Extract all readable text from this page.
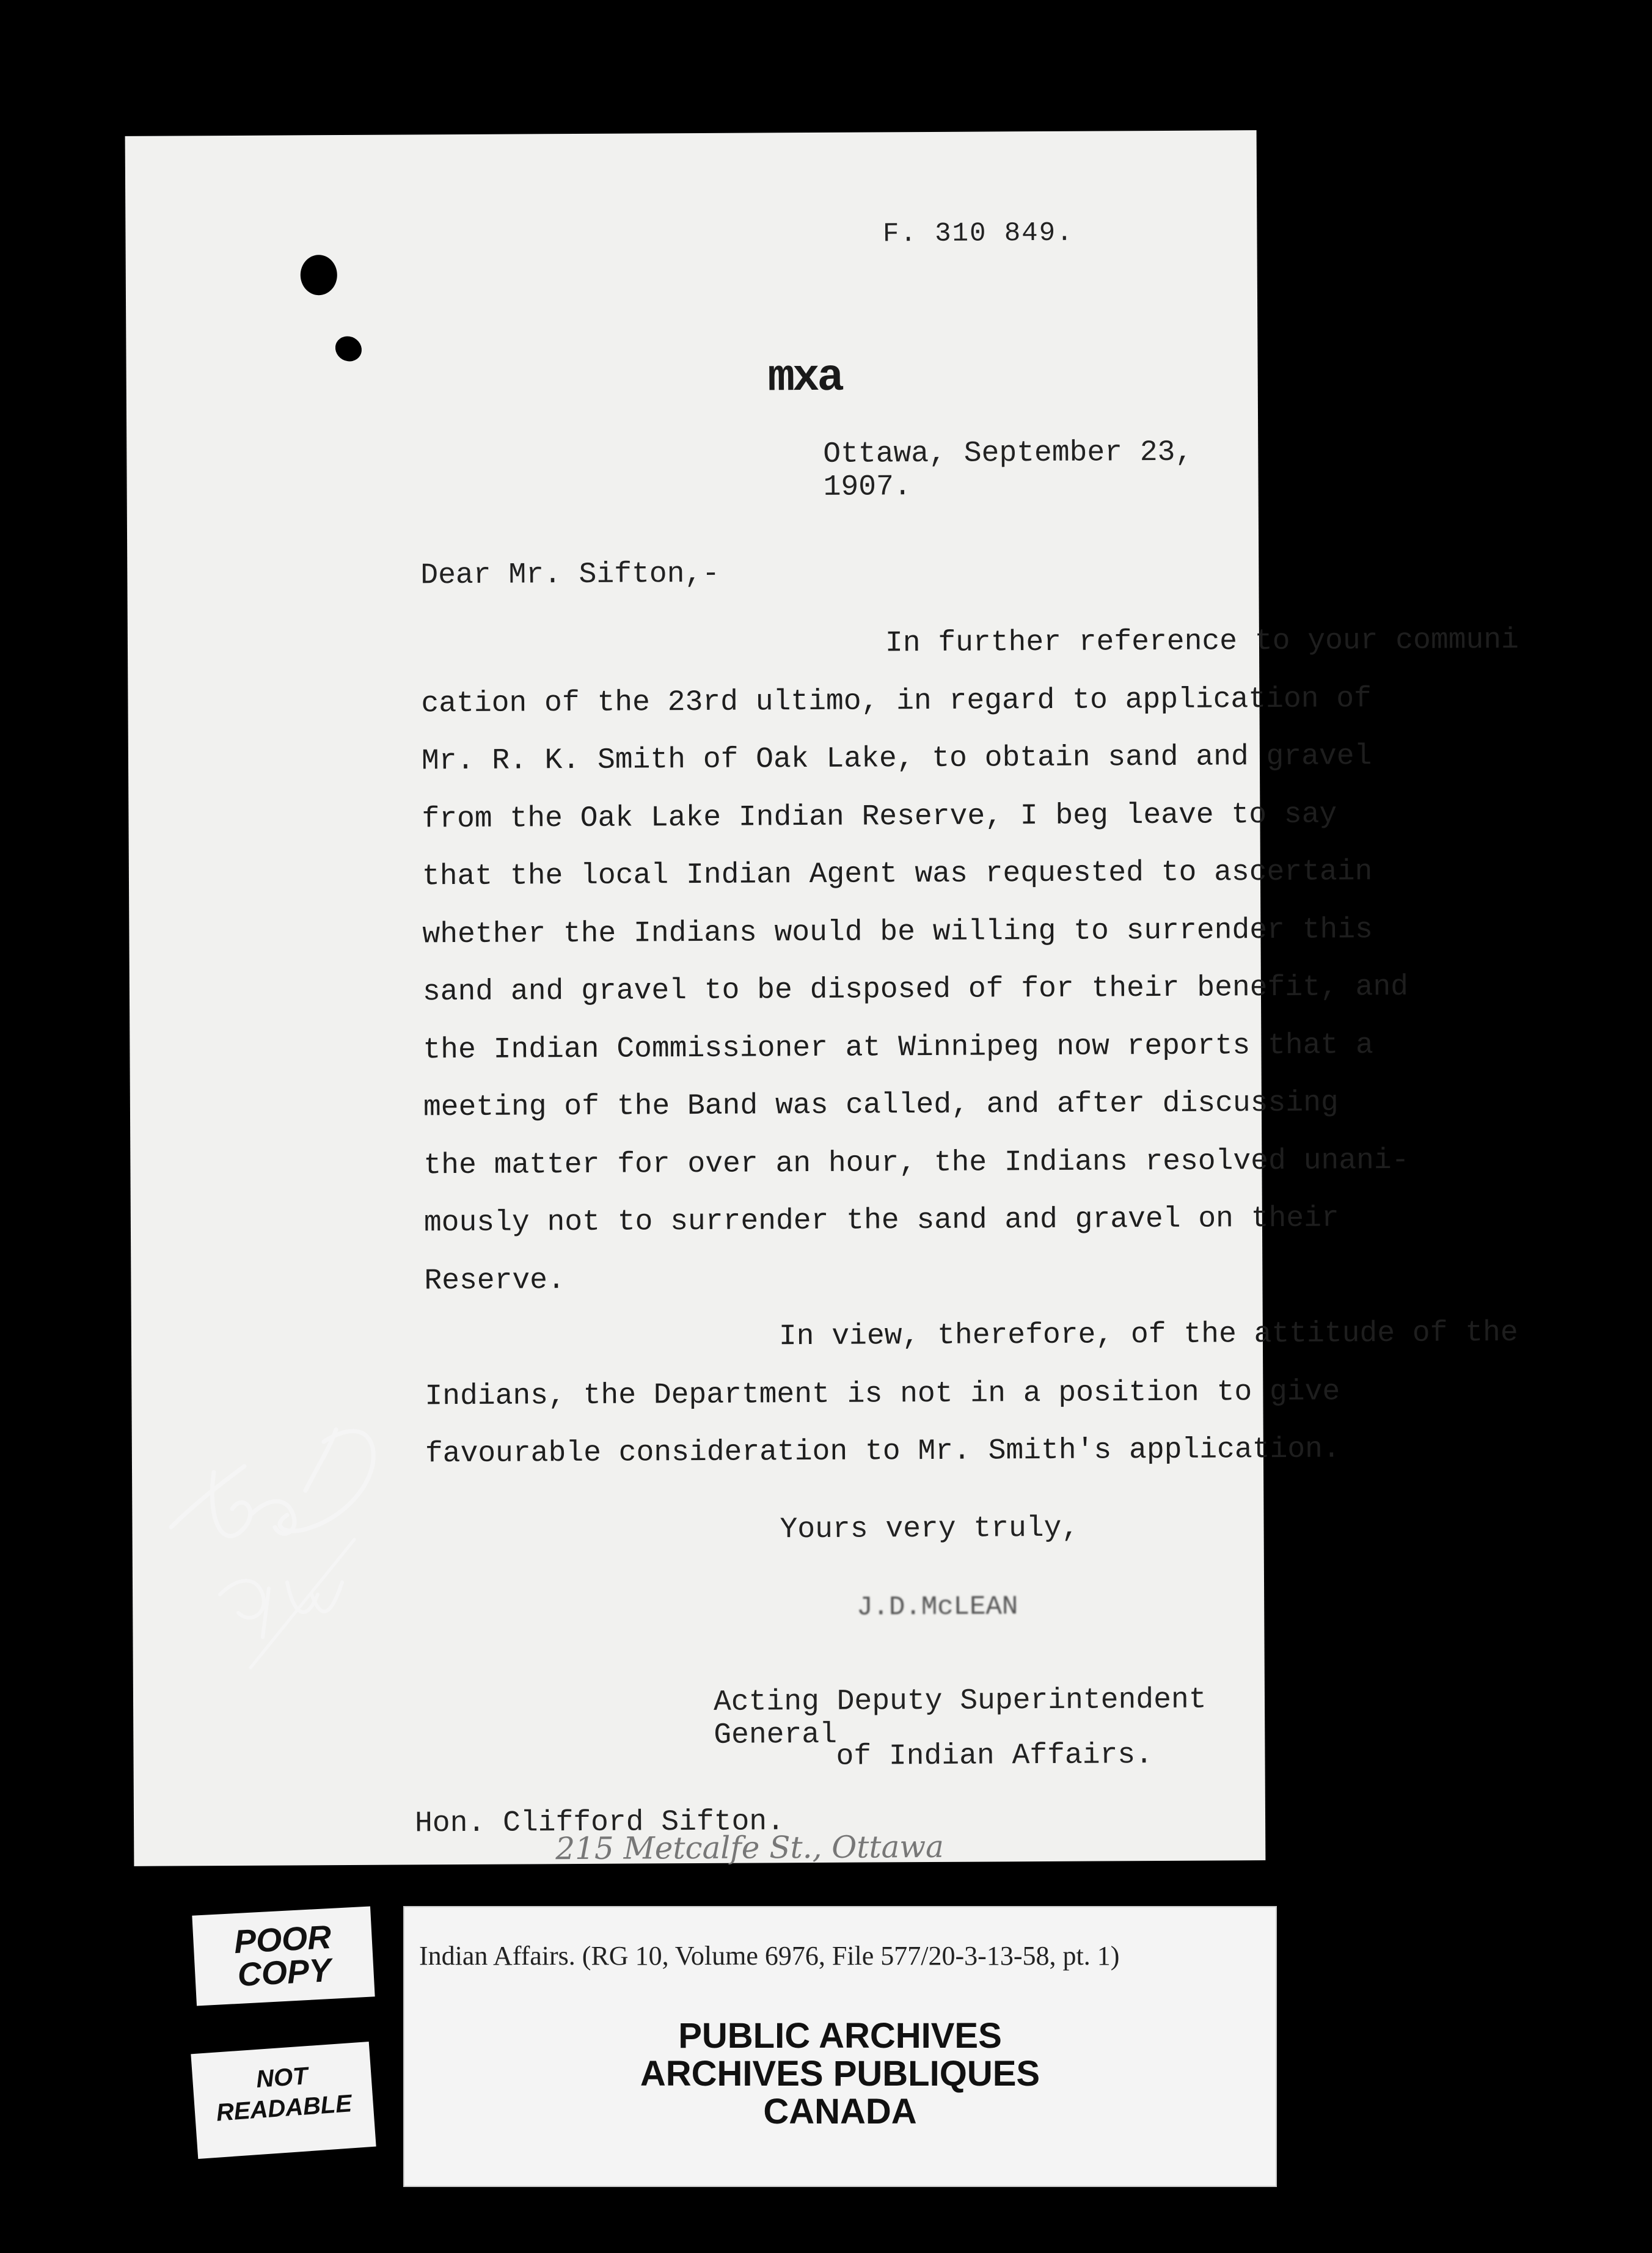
F. 310 849.
mxa

Ottawa, September 23, 1907.
Dear Mr. Sifton,-

In further reference to your communi

cation of the 23rd ultimo, in regard to application of

Mr. R. K. Smith of Oak Lake, to obtain sand and gravel

from the Oak Lake Indian Reserve, I beg leave to say

that the local Indian Agent was requested to ascertain

whether the Indians would be willing to surrender this

sand and gravel to be disposed of for their benefit, and

the Indian Commissioner at Winnipeg now reports that a

meeting of the Band was called, and after discussing

the matter for over an hour, the Indians resolved unani-

mously not to surrender the sand and gravel on their

Reserve.

In view, therefore, of the attitude of the

Indians, the Department is not in a position to give

favourable consideration to Mr. Smith's application.

Yours very truly,
J.D.McLEAN
Acting Deputy Superintendent General
of Indian Affairs.
Hon. Clifford Sifton.
215 Metcalfe St., Ottawa
POOR COPY
NOT READABLE
Indian Affairs. (RG 10, Volume 6976, File 577/20-3-13-58, pt. 1)
PUBLIC ARCHIVES
ARCHIVES PUBLIQUES
CANADA
